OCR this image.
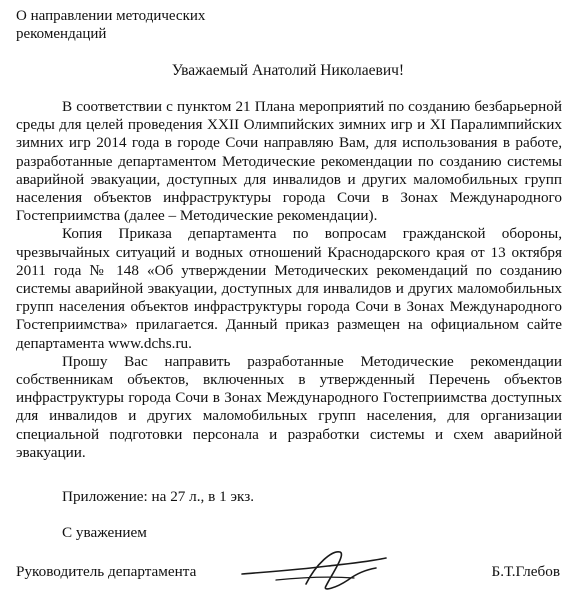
О направлении методических
рекомендаций
Уважаемый Анатолий Николаевич!

В соответствии с пунктом 21 Плана мероприятий по созданию безбарьерной среды для целей проведения XXII Олимпийских зимних игр и XI Паралимпийских зимних игр 2014 года в городе Сочи направляю Вам, для использования в работе, разработанные департаментом Методические рекомендации по созданию системы аварийной эвакуации, доступных для инвалидов и других маломобильных групп населения объектов инфраструктуры города Сочи в Зонах Международного Гостеприимства (далее – Методические рекомендации).

Копия Приказа департамента по вопросам гражданской обороны, чрезвычайных ситуаций и водных отношений Краснодарского края от 13 октября 2011 года № 148 «Об утверждении Методических рекомендаций по созданию системы аварийной эвакуации, доступных для инвалидов и других маломобильных групп населения объектов инфраструктуры города Сочи в Зонах Международного Гостеприимства» прилагается. Данный приказ размещен на официальном сайте департамента www.dchs.ru.

Прошу Вас направить разработанные Методические рекомендации собственникам объектов, включенных в утвержденный Перечень объектов инфраструктуры города Сочи в Зонах Международного Гостеприимства доступных для инвалидов и других маломобильных групп населения, для организации специальной подготовки персонала и разработки системы и схем аварийной эвакуации.

Приложение: на 27 л., в 1 экз.
С уважением
Руководитель департамента	Б.Т.Глебов
